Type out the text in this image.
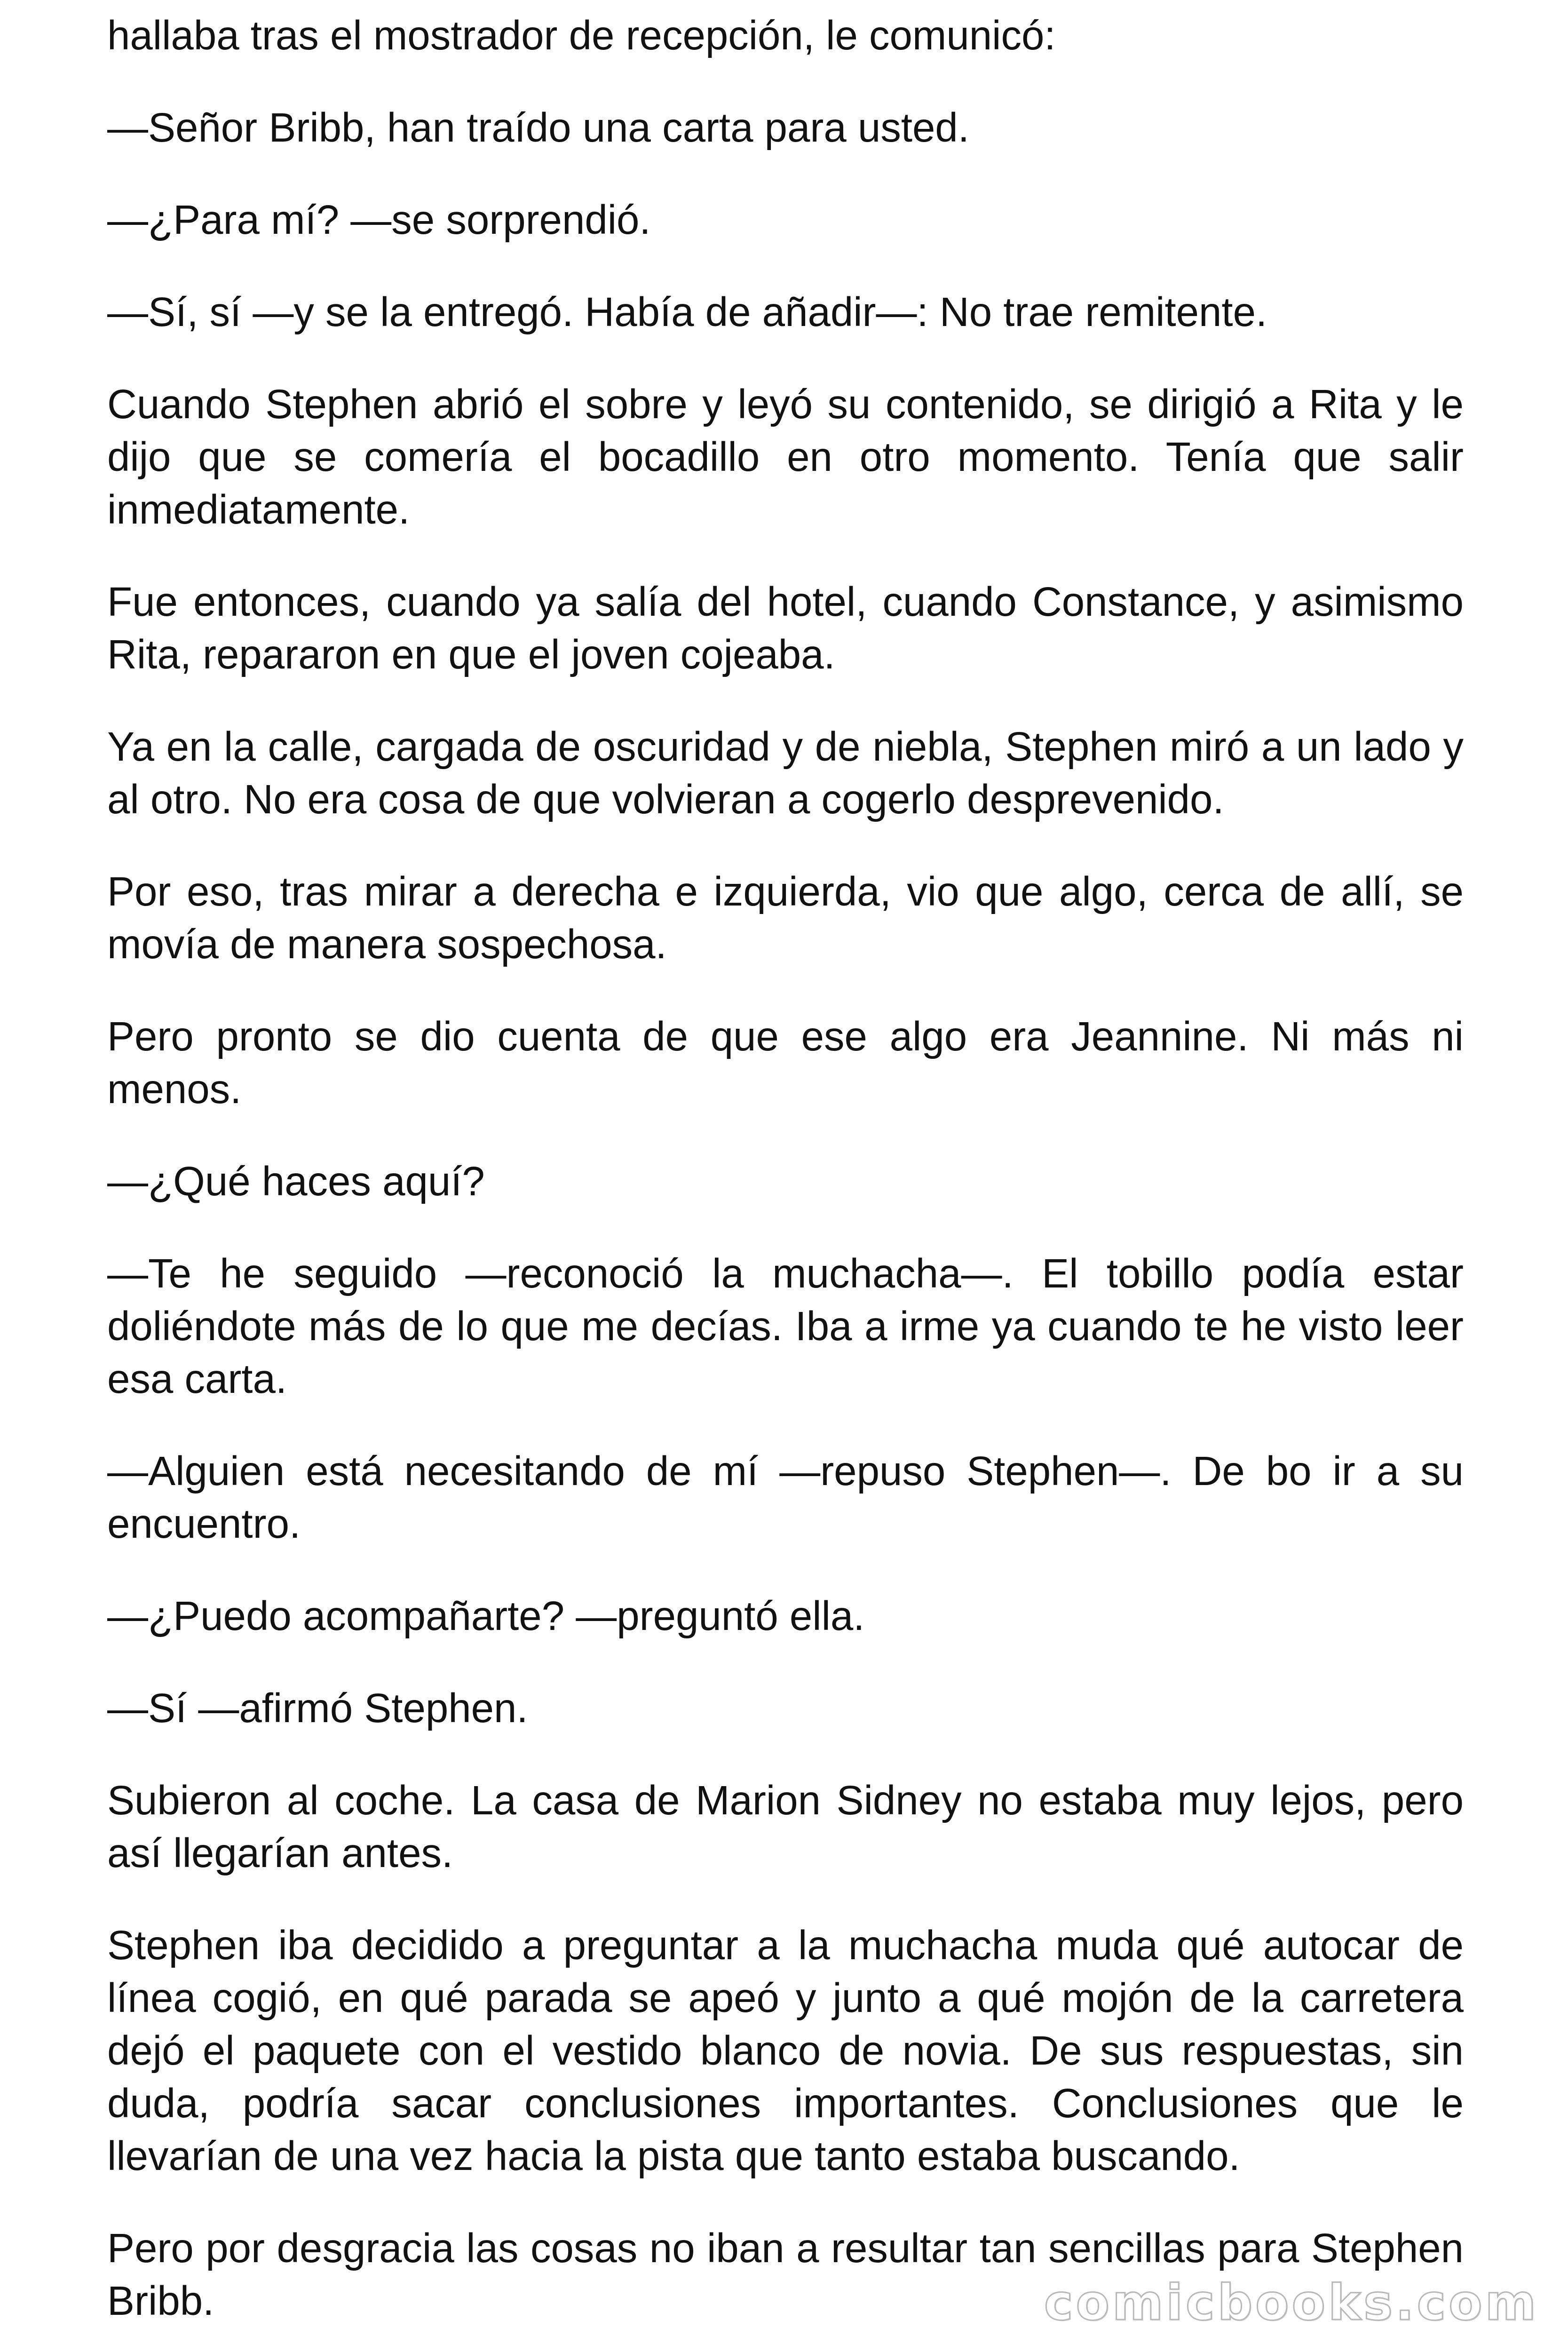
hallaba tras el mostrador de recepción, le comunicó:

—Señor Bribb, han traído una carta para usted.

—¿Para mí? —se sorprendió.

—Sí, sí —y se la entregó. Había de añadir—: No trae remitente.

Cuando Stephen abrió el sobre y leyó su contenido, se dirigió a Rita y le dijo que se comería el bocadillo en otro momento. Tenía que salir inmediatamente.

Fue entonces, cuando ya salía del hotel, cuando Constance, y asimismo Rita, repararon en que el joven cojeaba.

Ya en la calle, cargada de oscuridad y de niebla, Stephen miró a un lado y al otro. No era cosa de que volvieran a cogerlo desprevenido.

Por eso, tras mirar a derecha e izquierda, vio que algo, cerca de allí, se movía de manera sospechosa.

Pero pronto se dio cuenta de que ese algo era Jeannine. Ni más ni menos.

—¿Qué haces aquí?

—Te he seguido —reconoció la muchacha—. El tobillo podía estar doliéndote más de lo que me decías. Iba a irme ya cuando te he visto leer esa carta.

—Alguien está necesitando de mí —repuso Stephen—. De bo ir a su encuentro.

—¿Puedo acompañarte? —preguntó ella.

—Sí —afirmó Stephen.

Subieron al coche. La casa de Marion Sidney no estaba muy lejos, pero así llegarían antes.

Stephen iba decidido a preguntar a la muchacha muda qué autocar de línea cogió, en qué parada se apeó y junto a qué mojón de la carretera dejó el paquete con el vestido blanco de novia. De sus respuestas, sin duda, podría sacar conclusiones importantes. Conclusiones que le llevarían de una vez hacia la pista que tanto estaba buscando.

Pero por desgracia las cosas no iban a resultar tan sencillas para Stephen Bribb.	comicbooks.com
